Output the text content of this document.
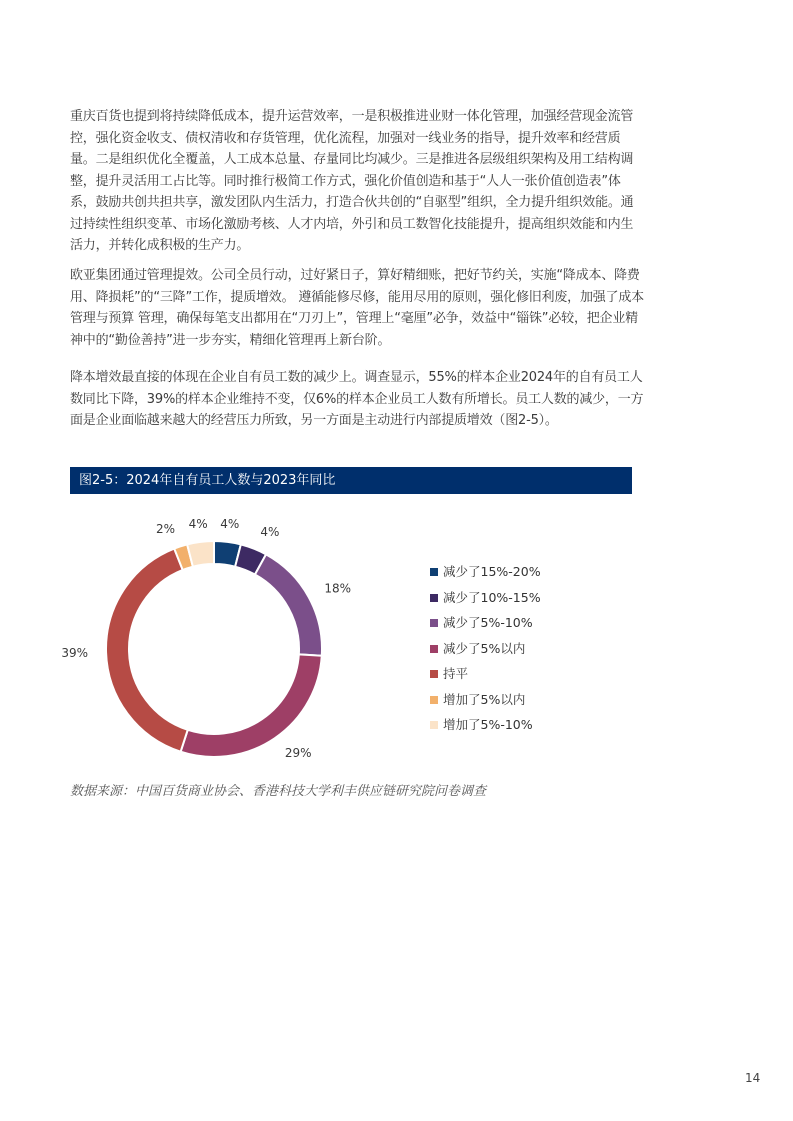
重庆百货也提到将持续降低成本，提升运营效率，一是积极推进业财一体化管理，加强经营现金流管控，强化资金收支、债权清收和存货管理，优化流程，加强对一线业务的指导，提升效率和经营质量。二是组织优化全覆盖，人工成本总量、存量同比均减少。三是推进各层级组织架构及用工结构调整，提升灵活用工占比等。同时推行极简工作方式，强化价值创造和基于“人人一张价值创造表”体系，鼓励共创共担共享，激发团队内生活力，打造合伙共创的“自驱型”组织，全力提升组织效能。通过持续性组织变革、市场化激励考核、人才内培，外引和员工数智化技能提升，提高组织效能和内生活力，并转化成积极的生产力。

欧亚集团通过管理提效。公司全员行动，过好紧日子，算好精细账，把好节约关，实施“降成本、降费用、降损耗”的“三降”工作，提质增效。 遵循能修尽修，能用尽用的原则，强化修旧利废，加强了成本管理与预算 管理，确保每笔支出都用在“刀刃上”，管理上“毫厘”必争，效益中“锱铢”必较，把企业精神中的“勤俭善持”进一步夯实，精细化管理再上新台阶。

降本增效最直接的体现在企业自有员工数的减少上。调查显示，55%的样本企业2024年的自有员工人数同比下降，39%的样本企业维持不变，仅6%的样本企业员工人数有所增长。员工人数的减少，一方面是企业面临越来越大的经营压力所致，另一方面是主动进行内部提质增效（图2-5）。

图2-5：2024年自有员工人数与2023年同比
4%
4%
18%
29%
39%
2% 4%
减少了15%-20%
减少了10%-15%
减少了5%-10%
减少了5%以内
持平
增加了5%以内
增加了5%-10%
数据来源：中国百货商业协会、香港科技大学利丰供应链研究院问卷调查
14
